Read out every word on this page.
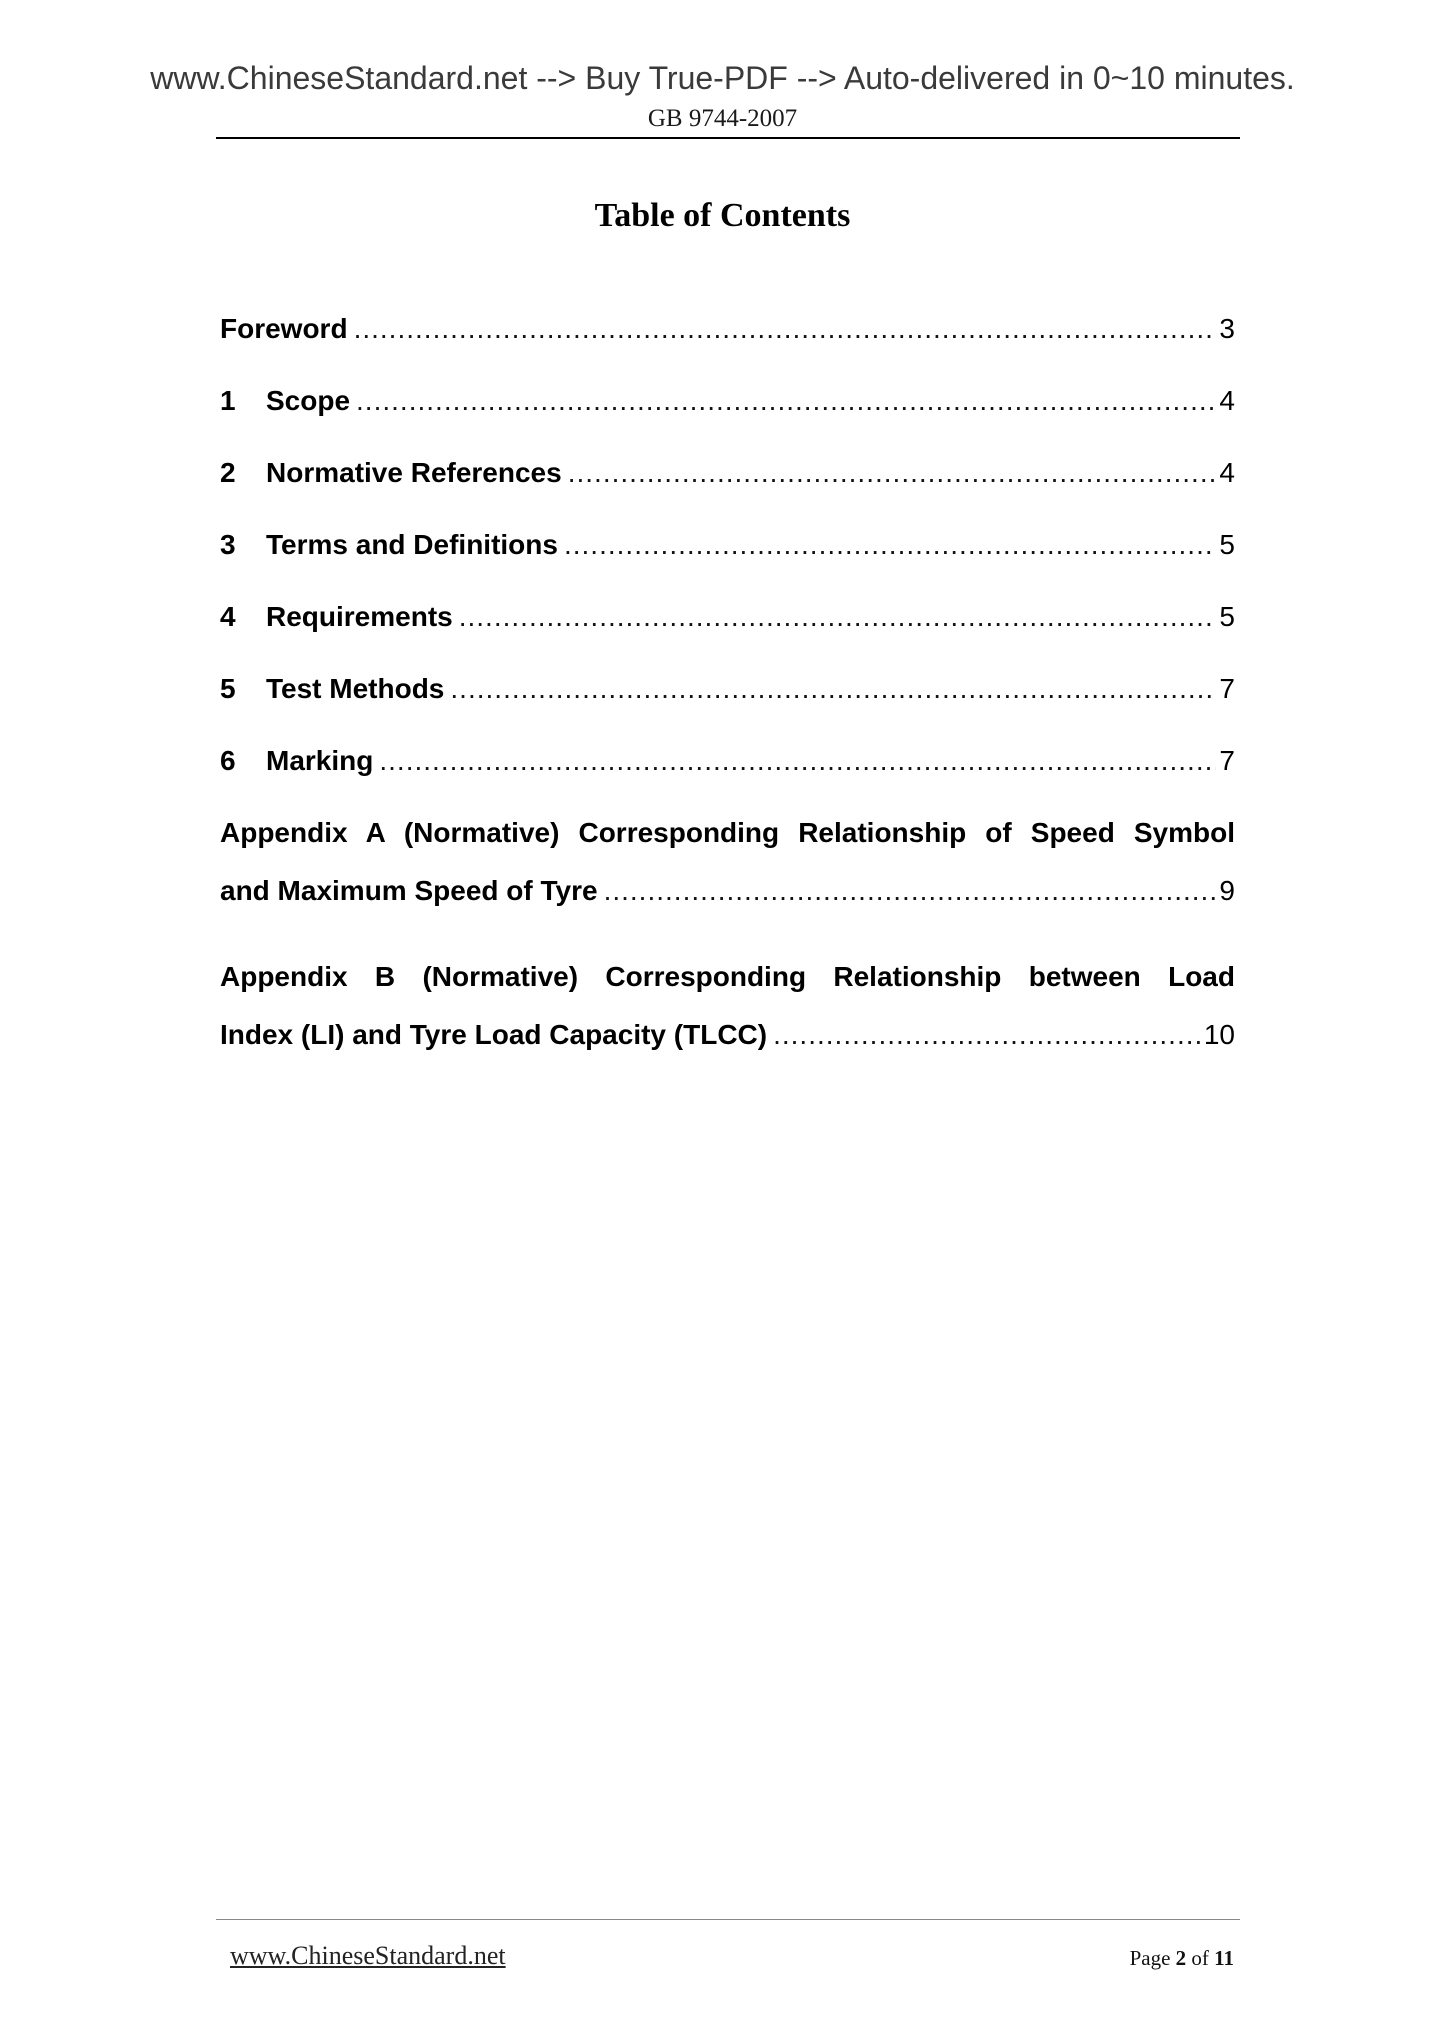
www.ChineseStandard.net --> Buy True-PDF --> Auto-delivered in 0~10 minutes.
GB 9744-2007
Table of Contents
Foreword .....	3
1	Scope .....	4
2	Normative References .....	4
3	Terms and Definitions .....	5
4	Requirements .....	5
5	Test Methods .....	7
6	Marking .....	7
Appendix A (Normative) Corresponding Relationship of Speed Symbol
and Maximum Speed of Tyre .....	9
Appendix B (Normative) Corresponding Relationship between Load
Index (LI) and Tyre Load Capacity (TLCC) .....	10
www.ChineseStandard.net	Page 2 of 11
